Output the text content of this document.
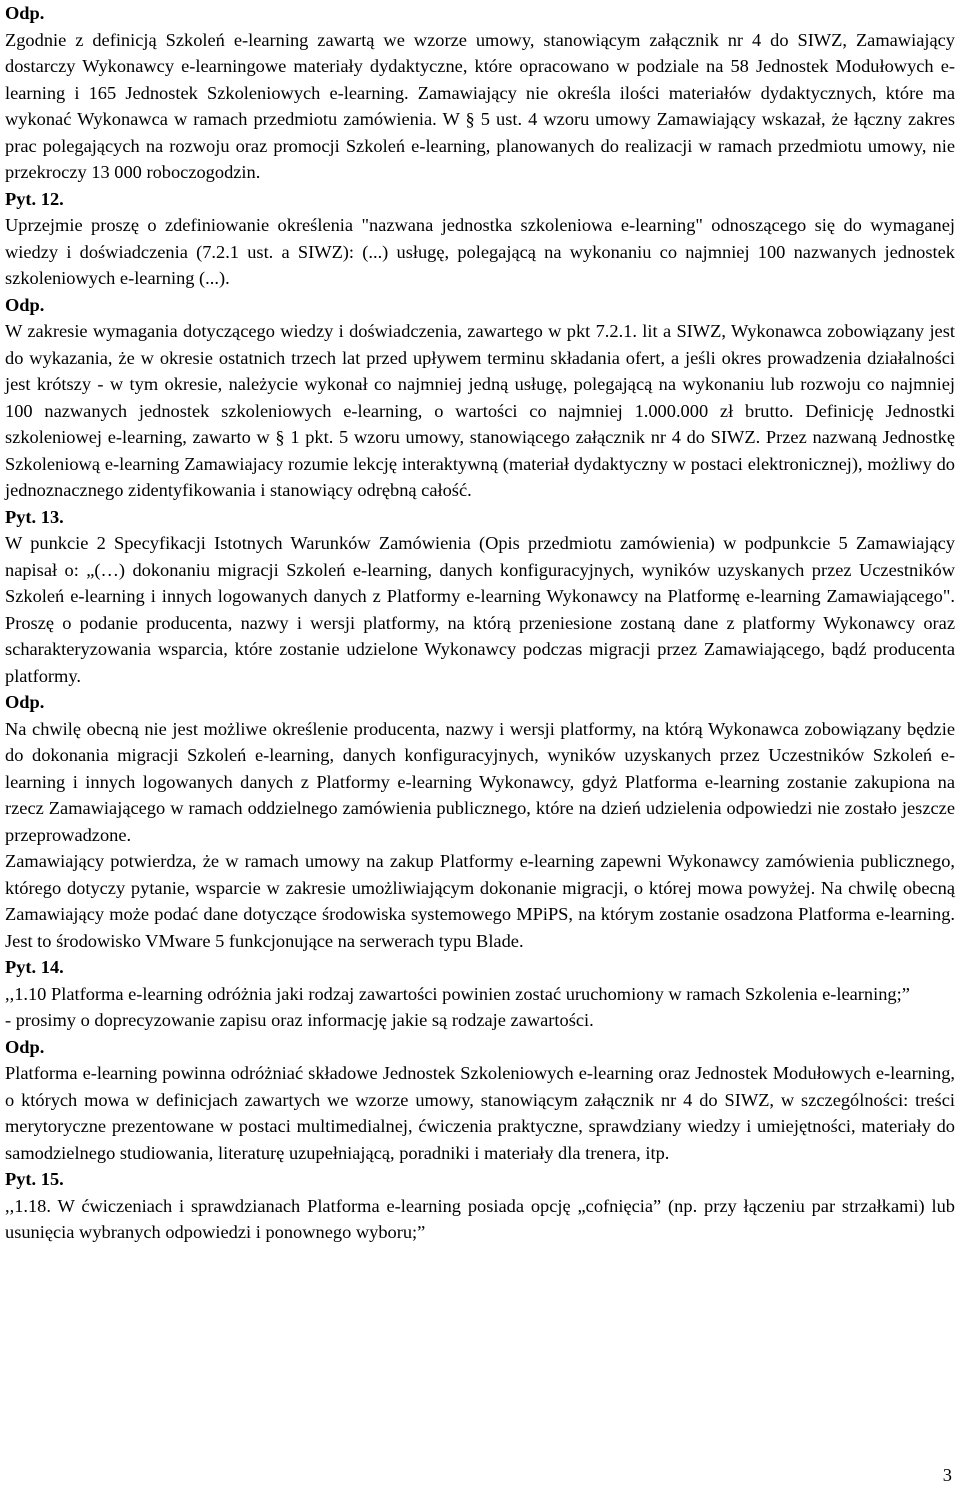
Odp.

Zgodnie z definicją Szkoleń e-learning zawartą we wzorze umowy, stanowiącym załącznik nr 4 do SIWZ, Zamawiający dostarczy Wykonawcy e-learningowe materiały dydaktyczne, które opracowano w podziale na 58 Jednostek Modułowych e-learning i 165 Jednostek Szkoleniowych e-learning. Zamawiający nie określa ilości materiałów dydaktycznych, które ma wykonać Wykonawca w ramach przedmiotu zamówienia. W § 5 ust. 4 wzoru umowy Zamawiający wskazał, że łączny zakres prac polegających na rozwoju oraz promocji Szkoleń e-learning, planowanych do realizacji w ramach przedmiotu umowy, nie przekroczy 13 000 roboczogodzin.

Pyt. 12.

Uprzejmie proszę o zdefiniowanie określenia "nazwana jednostka szkoleniowa e-learning" odnoszącego się do wymaganej wiedzy i doświadczenia (7.2.1 ust. a SIWZ): (...) usługę, polegającą na wykonaniu co najmniej 100 nazwanych jednostek szkoleniowych e-learning (...).

Odp.

W zakresie wymagania dotyczącego wiedzy i doświadczenia, zawartego w pkt 7.2.1. lit a SIWZ, Wykonawca zobowiązany jest do wykazania, że w okresie ostatnich trzech lat przed upływem terminu składania ofert, a jeśli okres prowadzenia działalności jest krótszy - w tym okresie, należycie wykonał co najmniej jedną usługę, polegającą na wykonaniu lub rozwoju co najmniej 100 nazwanych jednostek szkoleniowych e-learning, o wartości co najmniej 1.000.000 zł brutto. Definicję Jednostki szkoleniowej e-learning, zawarto w § 1 pkt. 5 wzoru umowy, stanowiącego załącznik nr 4 do SIWZ. Przez nazwaną Jednostkę Szkoleniową e-learning Zamawiajacy rozumie lekcję interaktywną (materiał dydaktyczny w postaci elektronicznej), możliwy do jednoznacznego zidentyfikowania i stanowiący odrębną całość.

Pyt. 13.

W punkcie 2 Specyfikacji Istotnych Warunków Zamówienia (Opis przedmiotu zamówienia) w podpunkcie 5 Zamawiający napisał o: „(…) dokonaniu migracji Szkoleń e-learning, danych konfiguracyjnych, wyników uzyskanych przez Uczestników Szkoleń e-learning i innych logowanych danych z Platformy e-learning Wykonawcy na Platformę e-learning Zamawiającego". Proszę o podanie producenta, nazwy i wersji platformy, na którą przeniesione zostaną dane z platformy Wykonawcy oraz scharakteryzowania wsparcia, które zostanie udzielone Wykonawcy podczas migracji przez Zamawiającego, bądź producenta platformy.

Odp.

Na chwilę obecną nie jest możliwe określenie producenta, nazwy i wersji platformy, na którą Wykonawca zobowiązany będzie do dokonania migracji Szkoleń e-learning, danych konfiguracyjnych, wyników uzyskanych przez Uczestników Szkoleń e-learning i innych logowanych danych z Platformy e-learning Wykonawcy, gdyż Platforma e-learning zostanie zakupiona na rzecz Zamawiającego w ramach oddzielnego zamówienia publicznego, które na dzień udzielenia odpowiedzi nie zostało jeszcze przeprowadzone.

Zamawiający potwierdza, że w ramach umowy na zakup Platformy e-learning zapewni Wykonawcy zamówienia publicznego, którego dotyczy pytanie, wsparcie w zakresie umożliwiającym dokonanie migracji, o której mowa powyżej. Na chwilę obecną Zamawiający może podać dane dotyczące środowiska systemowego MPiPS, na którym zostanie osadzona Platforma e-learning. Jest to środowisko VMware 5 funkcjonujące na serwerach typu Blade.

Pyt. 14.

,,1.10 Platforma e-learning odróżnia jaki rodzaj zawartości powinien zostać uruchomiony w ramach Szkolenia e-learning;”

- prosimy o doprecyzowanie zapisu oraz informację jakie są rodzaje zawartości.

Odp.

Platforma e-learning powinna odróżniać składowe Jednostek Szkoleniowych e-learning oraz Jednostek Modułowych e-learning, o których mowa w definicjach zawartych we wzorze umowy, stanowiącym załącznik nr 4 do SIWZ, w szczególności: treści merytoryczne prezentowane w postaci multimedialnej, ćwiczenia praktyczne, sprawdziany wiedzy i umiejętności, materiały do samodzielnego studiowania, literaturę uzupełniającą, poradniki i materiały dla trenera, itp.

Pyt. 15.

,,1.18. W ćwiczeniach i sprawdzianach Platforma e-learning posiada opcję „cofnięcia” (np. przy łączeniu par strzałkami) lub usunięcia wybranych odpowiedzi i ponownego wyboru;”

3
